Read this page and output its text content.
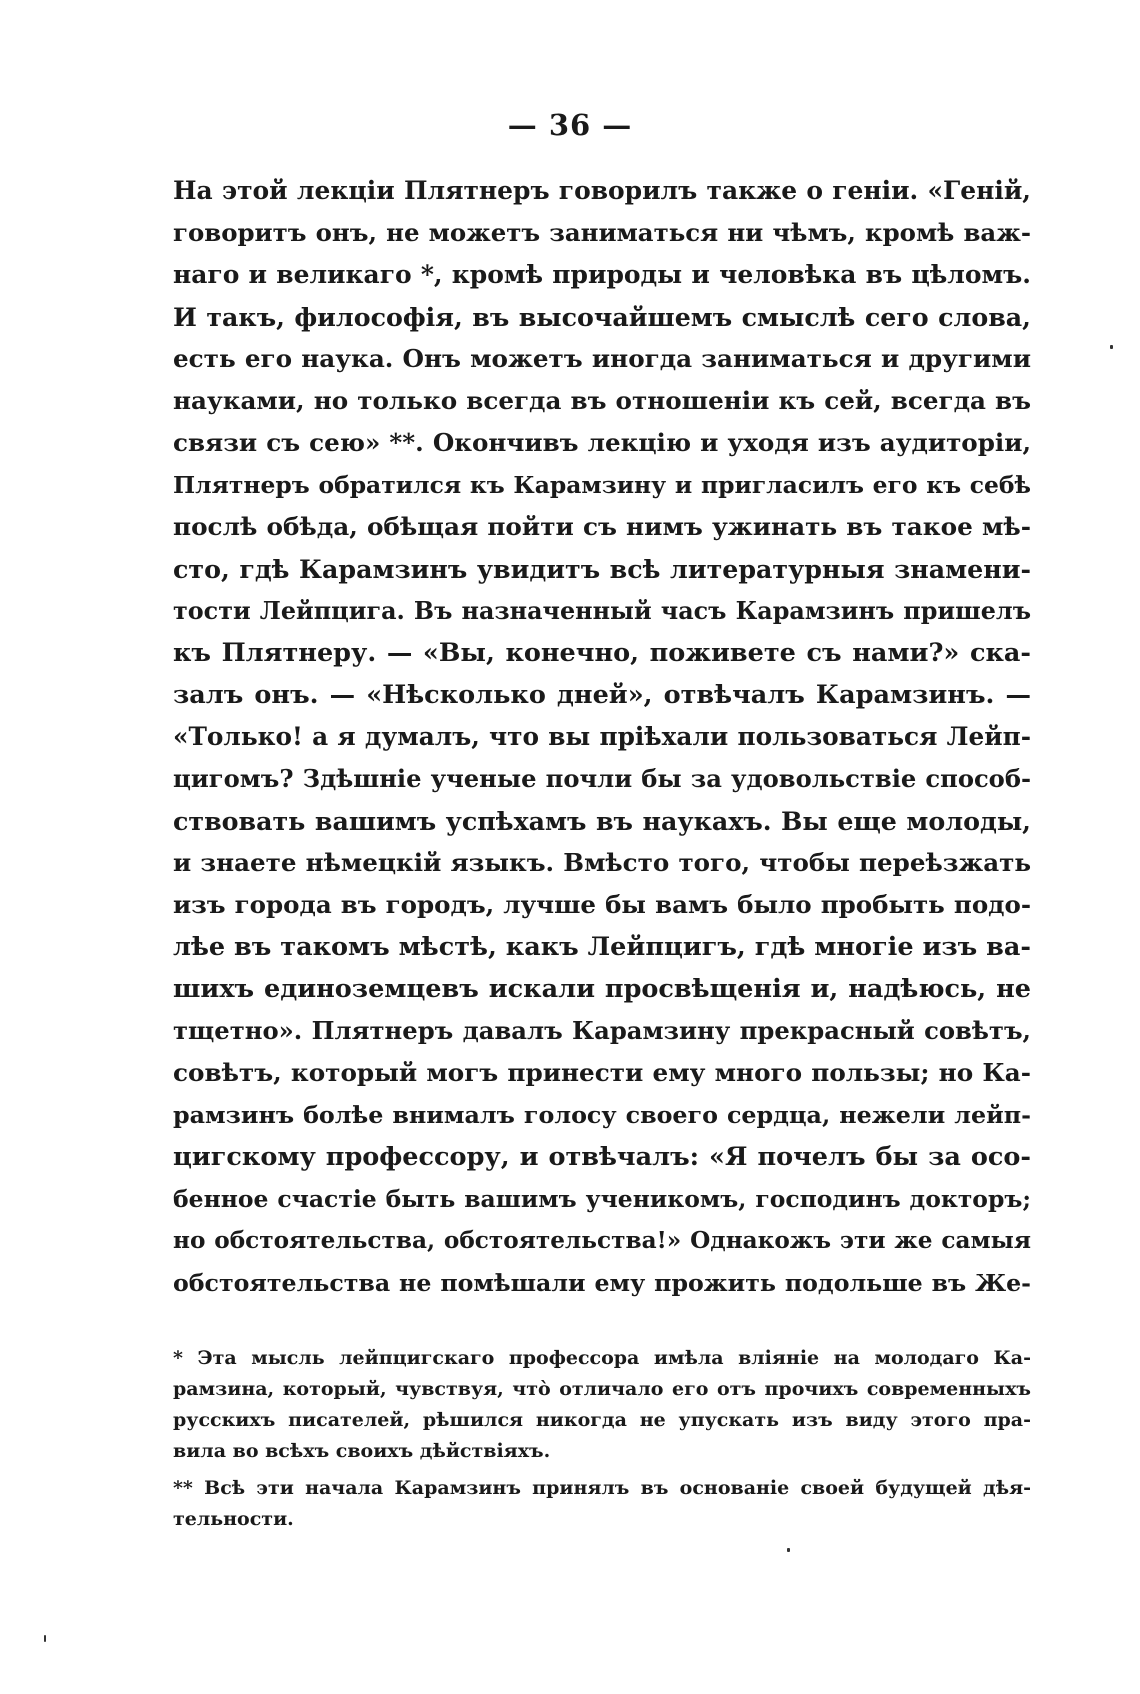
— 36 —
На этой лекціи Плятнеръ говорилъ также о геніи. «Геній,
говоритъ онъ, не можетъ заниматься ни чѣмъ, кромѣ важ-
наго и великаго *, кромѣ природы и человѣка въ цѣломъ.
И такъ, философія, въ высочайшемъ смыслѣ сего слова,
есть его наука. Онъ можетъ иногда заниматься и другими
науками, но только всегда въ отношеніи къ сей, всегда въ
связи съ сею» **. Окончивъ лекцію и уходя изъ аудиторіи,
Плятнеръ обратился къ Карамзину и пригласилъ его къ себѣ
послѣ обѣда, обѣщая пойти съ нимъ ужинать въ такое мѣ-
сто, гдѣ Карамзинъ увидитъ всѣ литературныя знамени-
тости Лейпцига. Въ назначенный часъ Карамзинъ пришелъ
къ Плятнеру. — «Вы, конечно, поживете съ нами?» ска-
залъ онъ. — «Нѣсколько дней», отвѣчалъ Карамзинъ. —
«Только! а я думалъ, что вы пріѣхали пользоваться Лейп-
цигомъ? Здѣшніе ученые почли бы за удовольствіе способ-
ствовать вашимъ успѣхамъ въ наукахъ. Вы еще молоды,
и знаете нѣмецкій языкъ. Вмѣсто того, чтобы переѣзжать
изъ города въ городъ, лучше бы вамъ было пробыть подо-
лѣе въ такомъ мѣстѣ, какъ Лейпцигъ, гдѣ многіе изъ ва-
шихъ единоземцевъ искали просвѣщенія и, надѣюсь, не
тщетно». Плятнеръ давалъ Карамзину прекрасный совѣтъ,
совѣтъ, который могъ принести ему много пользы; но Ка-
рамзинъ болѣе внималъ голосу своего сердца, нежели лейп-
цигскому профессору, и отвѣчалъ: «Я почелъ бы за осо-
бенное счастіе быть вашимъ ученикомъ, господинъ докторъ;
но обстоятельства, обстоятельства!» Однакожъ эти же самыя
обстоятельства не помѣшали ему прожить подольше въ Же-
* Эта мысль лейпцигскаго профессора имѣла вліяніе на молодаго Ка-
рамзина, который, чувствуя, что̀ отличало его отъ прочихъ современныхъ
русскихъ писателей, рѣшился никогда не упускать изъ виду этого пра-
вила во всѣхъ своихъ дѣйствіяхъ.
** Всѣ эти начала Карамзинъ принялъ въ основаніе своей будущей дѣя-
тельности.
